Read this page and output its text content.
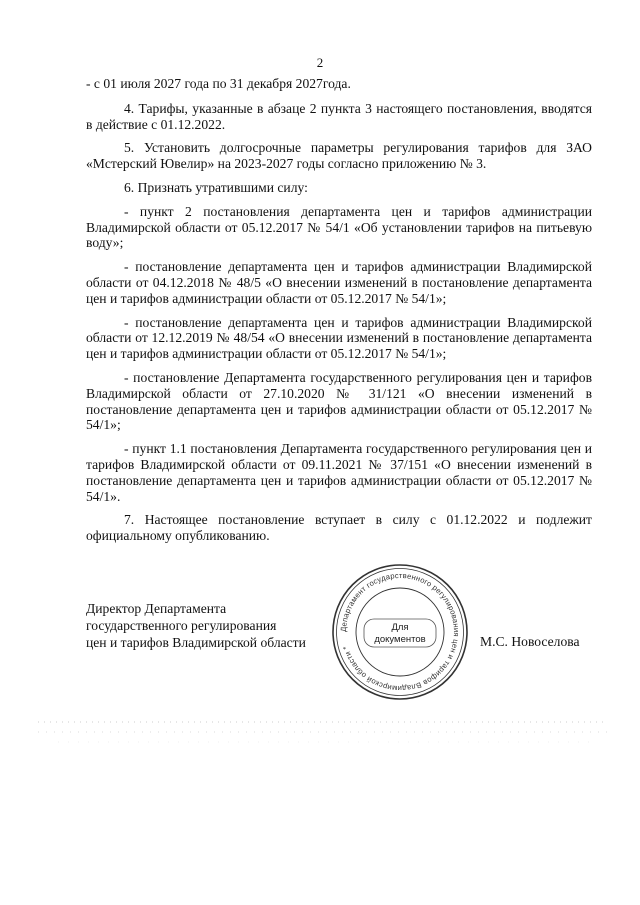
2

- с 01 июля 2027 года по 31 декабря 2027года.

4. Тарифы, указанные в абзаце 2 пункта 3 настоящего постановления, вводятся в действие с 01.12.2022.

5. Установить долгосрочные параметры регулирования тарифов для ЗАО «Мстерский Ювелир» на 2023-2027 годы согласно приложению № 3.

6. Признать утратившими силу:

- пункт 2 постановления департамента цен и тарифов администрации Владимирской области от 05.12.2017 № 54/1 «Об установлении тарифов на питьевую воду»;

- постановление департамента цен и тарифов администрации Владимирской области от 04.12.2018 № 48/5 «О внесении изменений в постановление департамента цен и тарифов администрации области от 05.12.2017 № 54/1»;

- постановление департамента цен и тарифов администрации Владимирской области от 12.12.2019 № 48/54 «О внесении изменений в постановление департамента цен и тарифов администрации области от 05.12.2017 № 54/1»;

- постановление Департамента государственного регулирования цен и тарифов Владимирской области от 27.10.2020 № 31/121 «О внесении изменений в постановление департамента цен и тарифов администрации области от 05.12.2017 № 54/1»;

- пункт 1.1 постановления Департамента государственного регулирования цен и тарифов Владимирской области от 09.11.2021 № 37/151 «О внесении изменений в постановление департамента цен и тарифов администрации области от 05.12.2017 № 54/1».

7. Настоящее постановление вступает в силу с 01.12.2022 и подлежит официальному опубликованию.

Директор Департамента
государственного регулирования
цен и тарифов Владимирской области
Департамент государственного регулирования цен и тарифов Владимирской области *
Для
документов	М.С. Новоселова
